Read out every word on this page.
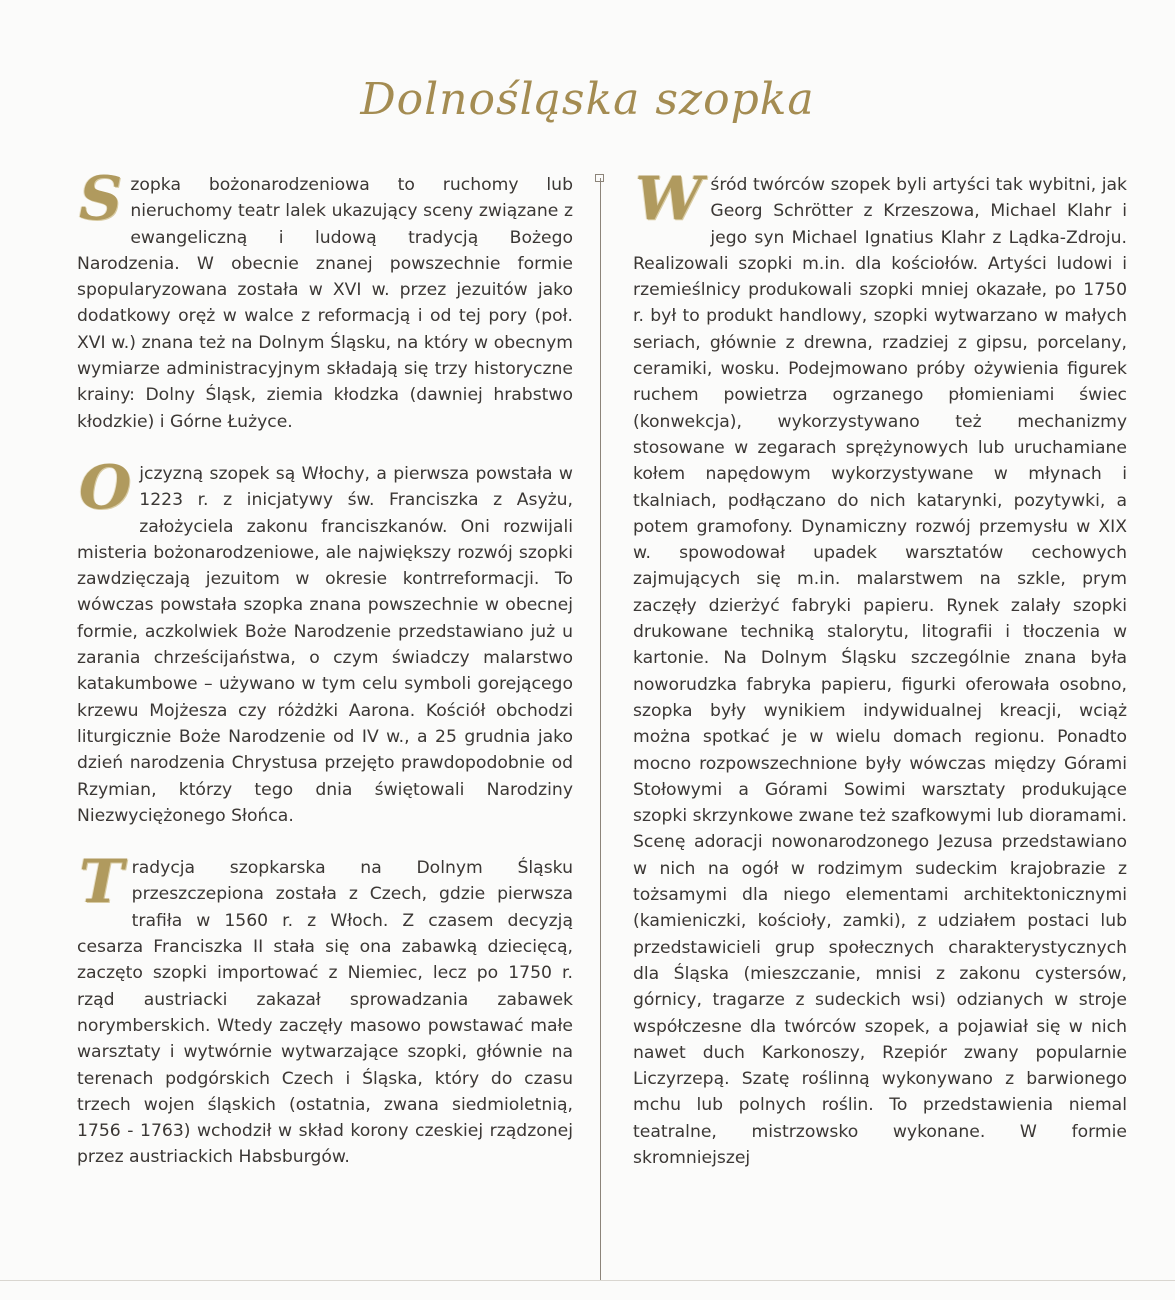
Dolnośląska szopka

Szopka bożonarodzeniowa to ruchomy lub nieruchomy teatr lalek ukazujący sceny związane z ewangeliczną i ludową tradycją Bożego Narodzenia. W obecnie znanej powszechnie formie spopularyzowana została w XVI w. przez jezuitów jako dodatkowy oręż w walce z reformacją i od tej pory (poł. XVI w.) znana też na Dolnym Śląsku, na który w obecnym wymiarze administracyjnym składają się trzy historyczne krainy: Dolny Śląsk, ziemia kłodzka (dawniej hrabstwo kłodzkie) i Górne Łużyce.

Ojczyzną szopek są Włochy, a pierwsza powstała w 1223 r. z inicjatywy św. Franciszka z Asyżu, założyciela zakonu franciszkanów. Oni rozwijali misteria bożonarodzeniowe, ale największy rozwój szopki zawdzięczają jezuitom w okresie kontrreformacji. To wówczas powstała szopka znana powszechnie w obecnej formie, aczkolwiek Boże Narodzenie przedstawiano już u zarania chrześcijaństwa, o czym świadczy malarstwo katakumbowe – używano w tym celu symboli gorejącego krzewu Mojżesza czy różdżki Aarona. Kościół obchodzi liturgicznie Boże Narodzenie od IV w., a 25 grudnia jako dzień narodzenia Chrystusa przejęto prawdopodobnie od Rzymian, którzy tego dnia świętowali Narodziny Niezwyciężonego Słońca.

Tradycja szopkarska na Dolnym Śląsku przeszczepiona została z Czech, gdzie pierwsza trafiła w 1560 r. z Włoch. Z czasem decyzją cesarza Franciszka II stała się ona zabawką dziecięcą, zaczęto szopki importować z Niemiec, lecz po 1750 r. rząd austriacki zakazał sprowadzania zabawek norymberskich. Wtedy zaczęły masowo powstawać małe warsztaty i wytwórnie wytwarzające szopki, głównie na terenach podgórskich Czech i Śląska, który do czasu trzech wojen śląskich (ostatnia, zwana siedmioletnią, 1756 - 1763) wchodził w skład korony czeskiej rządzonej przez austriackich Habsburgów.

Wśród twórców szopek byli artyści tak wybitni, jak Georg Schrötter z Krzeszowa, Michael Klahr i jego syn Michael Ignatius Klahr z Lądka-Zdroju. Realizowali szopki m.in. dla kościołów. Artyści ludowi i rzemieślnicy produkowali szopki mniej okazałe, po 1750 r. był to produkt handlowy, szopki wytwarzano w małych seriach, głównie z drewna, rzadziej z gipsu, porcelany, ceramiki, wosku. Podejmowano próby ożywienia figurek ruchem powietrza ogrzanego płomieniami świec (konwekcja), wykorzystywano też mechanizmy stosowane w zegarach sprężynowych lub uruchamiane kołem napędowym wykorzystywane w młynach i tkalniach, podłączano do nich katarynki, pozytywki, a potem gramofony. Dynamiczny rozwój przemysłu w XIX w. spowodował upadek warsztatów cechowych zajmujących się m.in. malarstwem na szkle, prym zaczęły dzierżyć fabryki papieru. Rynek zalały szopki drukowane techniką stalorytu, litografii i tłoczenia w kartonie. Na Dolnym Śląsku szczególnie znana była noworudzka fabryka papieru, figurki oferowała osobno, szopka były wynikiem indywidualnej kreacji, wciąż można spotkać je w wielu domach regionu. Ponadto mocno rozpowszechnione były wówczas między Górami Stołowymi a Górami Sowimi warsztaty produkujące szopki skrzynkowe zwane też szafkowymi lub dioramami. Scenę adoracji nowonarodzonego Jezusa przedstawiano w nich na ogół w rodzimym sudeckim krajobrazie z tożsamymi dla niego elementami architektonicznymi (kamieniczki, kościoły, zamki), z udziałem postaci lub przedstawicieli grup społecznych charakterystycznych dla Śląska (mieszczanie, mnisi z zakonu cystersów, górnicy, tragarze z sudeckich wsi) odzianych w stroje współczesne dla twórców szopek, a pojawiał się w nich nawet duch Karkonoszy, Rzepiór zwany popularnie Liczyrzepą. Szatę roślinną wykonywano z barwionego mchu lub polnych roślin. To przedstawienia niemal teatralne, mistrzowsko wykonane. W formie skromniejszej
